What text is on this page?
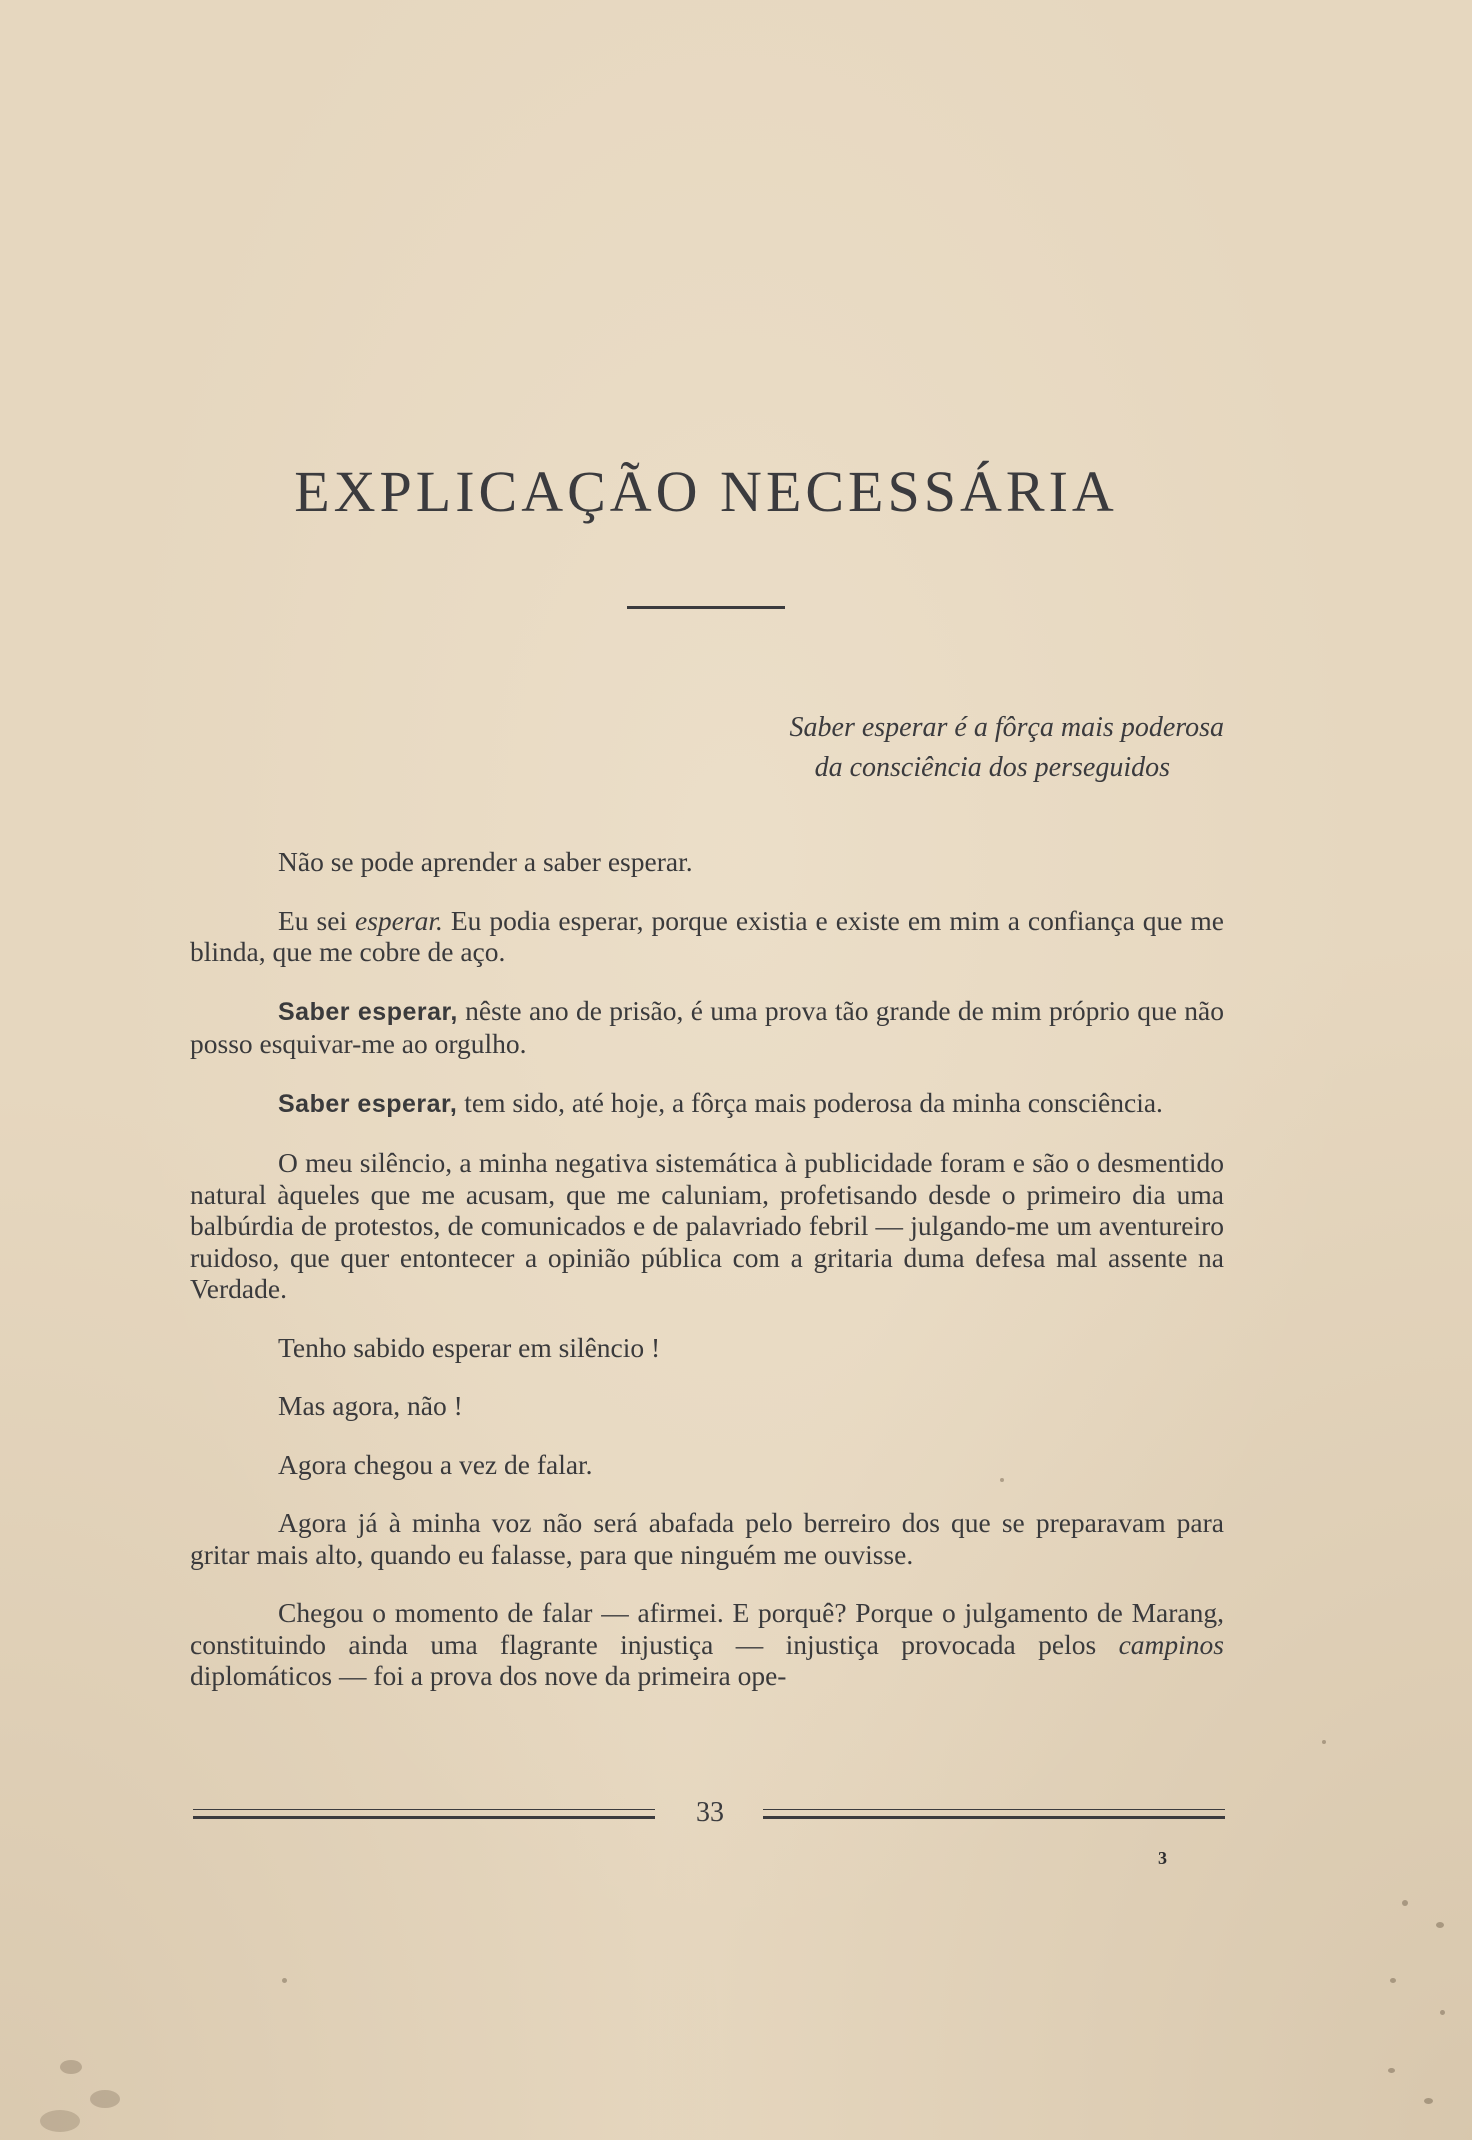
EXPLICAÇÃO NECESSÁRIA
Saber esperar é a fôrça mais poderosa
da consciência dos perseguidos

Não se pode aprender a saber esperar.

Eu sei esperar. Eu podia esperar, porque existia e existe em mim a confiança que me blinda, que me cobre de aço.

Saber esperar, nêste ano de prisão, é uma prova tão grande de mim próprio que não posso esquivar-me ao orgulho.

Saber esperar, tem sido, até hoje, a fôrça mais poderosa da minha consciência.

O meu silêncio, a minha negativa sistemática à publicidade foram e são o desmentido natural àqueles que me acusam, que me caluniam, profetisando desde o primeiro dia uma balbúrdia de protestos, de comunicados e de palavriado febril — julgando-me um aventureiro ruidoso, que quer entontecer a opinião pública com a gritaria duma defesa mal assente na Verdade.

Tenho sabido esperar em silêncio !

Mas agora, não !

Agora chegou a vez de falar.

Agora já à minha voz não será abafada pelo berreiro dos que se preparavam para gritar mais alto, quando eu falasse, para que ninguém me ouvisse.

Chegou o momento de falar — afirmei. E porquê? Porque o julgamento de Marang, constituindo ainda uma flagrante injustiça — injustiça provocada pelos campinos diplomáticos — foi a prova dos nove da primeira ope-

33
3
